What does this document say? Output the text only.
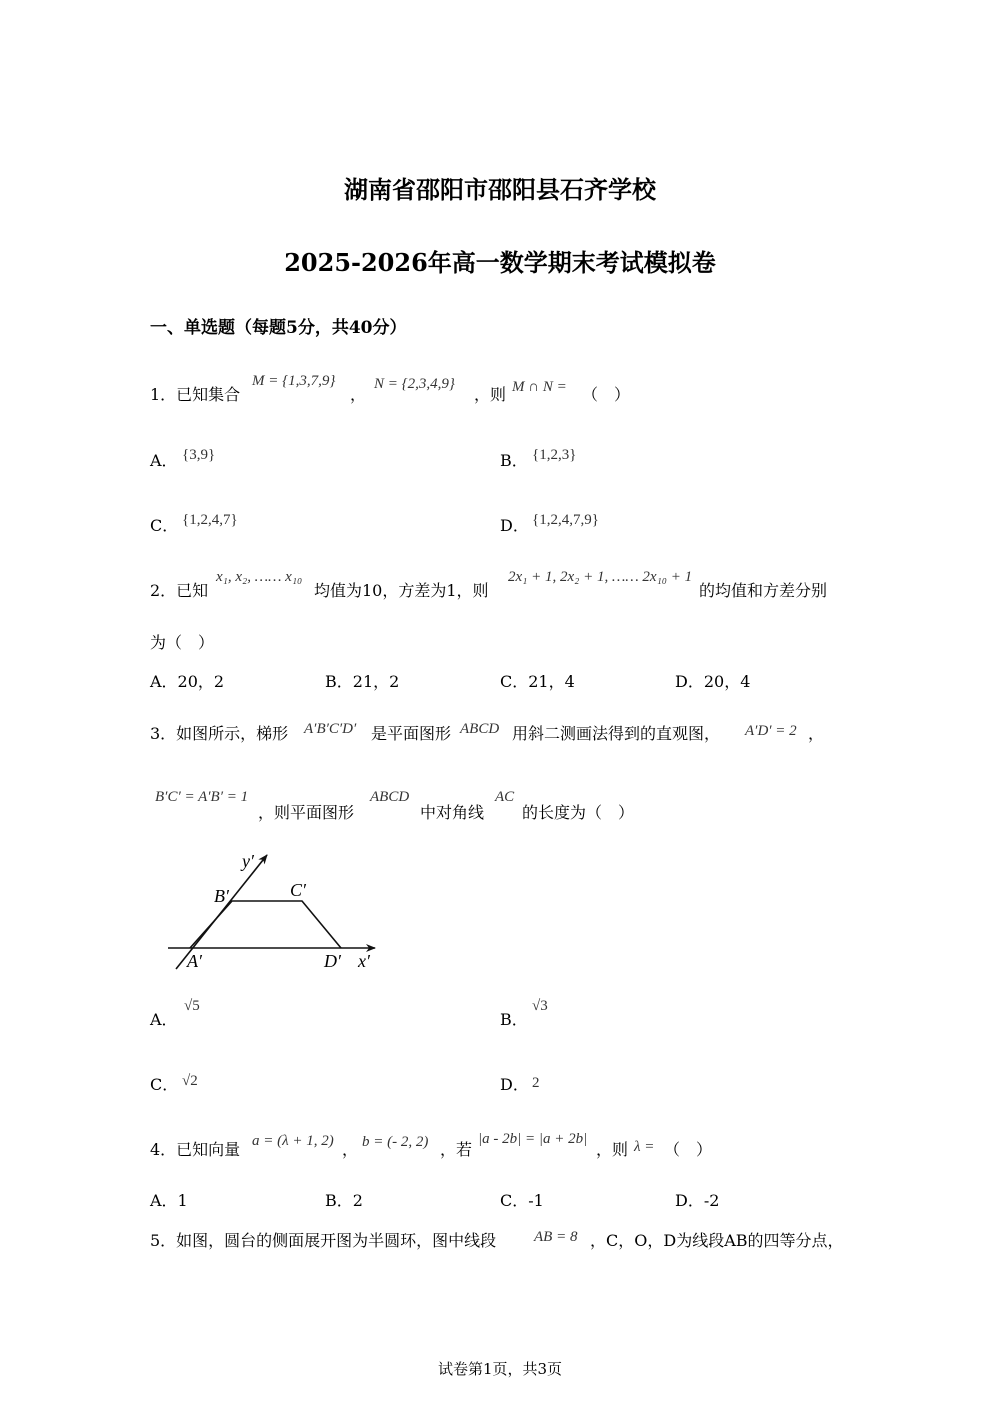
湖南省邵阳市邵阳县石齐学校
2025-2026年高一数学期末考试模拟卷
一、单选题（每题5分，共40分）
1．已知集合
M = {1,3,7,9}
，
N = {2,3,4,9}
，则 M ∩ N = （　）
A． {3,9}	B． {1,2,3}
C． {1,2,4,7}	D． {1,2,4,7,9}
2．已知
x₁, x₂, …… x₁₀
均值为10，方差为1，则
2x₁ + 1, 2x₂ + 1, …… 2x₁₀ + 1
的均值和方差分别
为（　）
A．20，2	B．21，2	C．21，4	D．20，4
3．如图所示，梯形 A′B′C′D′ 是平面图形 ABCD 用斜二测画法得到的直观图， A′D′ = 2 ，
B′C′ = A′B′ = 1
，则平面图形
ABCD
中对角线
AC
的长度为（　）
y′
x′
A′
B′	C′
D′
A．
√5
B．
√3
C． √2	D． 2
4．已知向量 a = (λ + 1, 2) ， b = (- 2, 2) ，若
|a - 2b| = |a + 2b|
，则 λ = （　）
A．1	B．2	C．-1	D．-2
5．如图，圆台的侧面展开图为半圆环，图中线段	AB = 8 ，C，O，D为线段AB的四等分点，
试卷第1页，共3页
